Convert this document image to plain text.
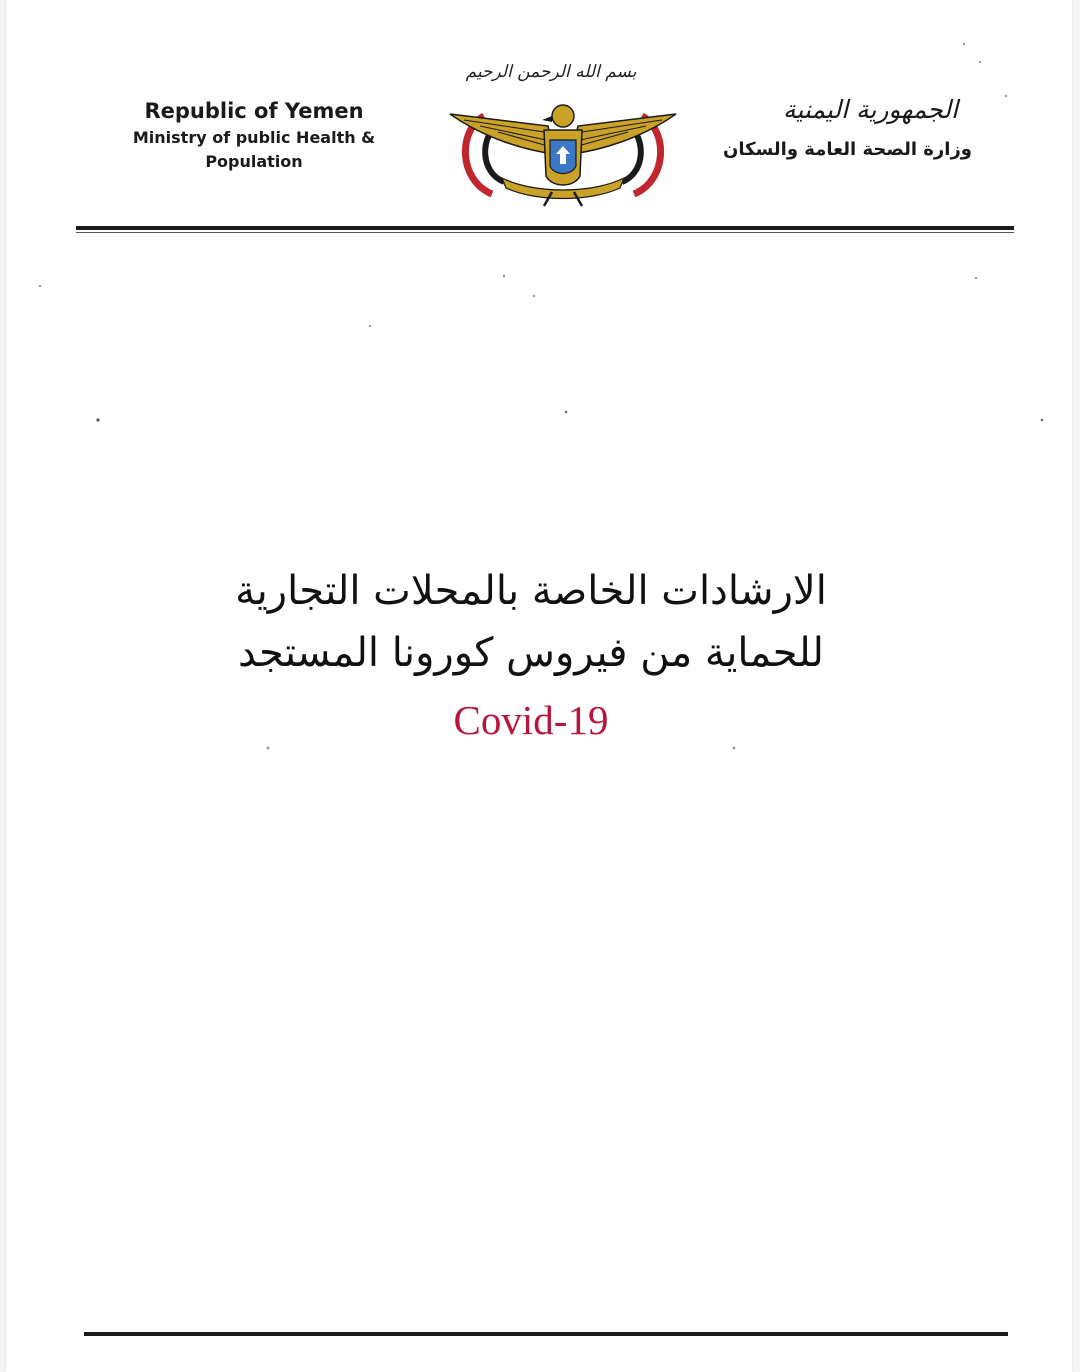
Republic of Yemen
Ministry of public Health & Population
بسم الله الرحمن الرحيم
الجمهورية اليمنية
وزارة الصحة العامة والسكان
الارشادات الخاصة بالمحلات التجارية
للحماية من فيروس كورونا المستجد
Covid-19
